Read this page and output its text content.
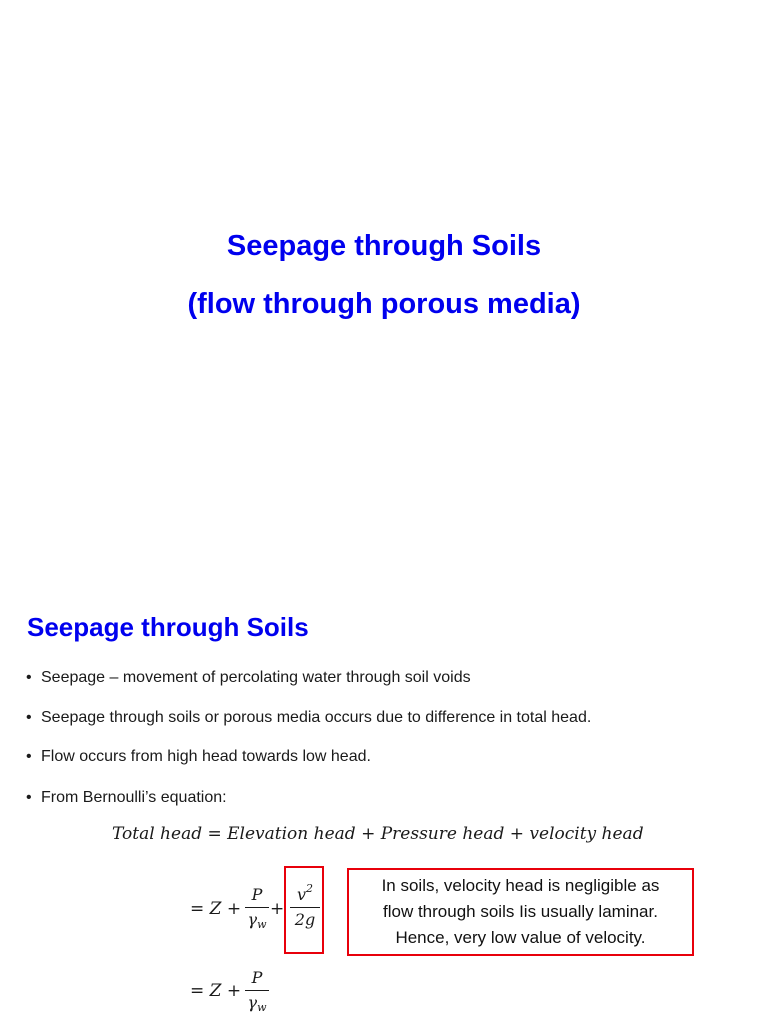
Seepage through Soils
(flow through porous media)
Seepage through Soils
• Seepage – movement of percolating water through soil voids
• Seepage through soils or porous media occurs due to difference in total head.
• Flow occurs from high head towards low head.
• From Bernoulli’s equation:
Total head = Elevation head + Pressure head + velocity head
= Z +
P
$\gamma_w$
+
$v^2$
2g
In soils, velocity head is negligible as
flow through soils Iis usually laminar.
Hence, very low value of velocity.
= Z +
P
$\gamma_w$
